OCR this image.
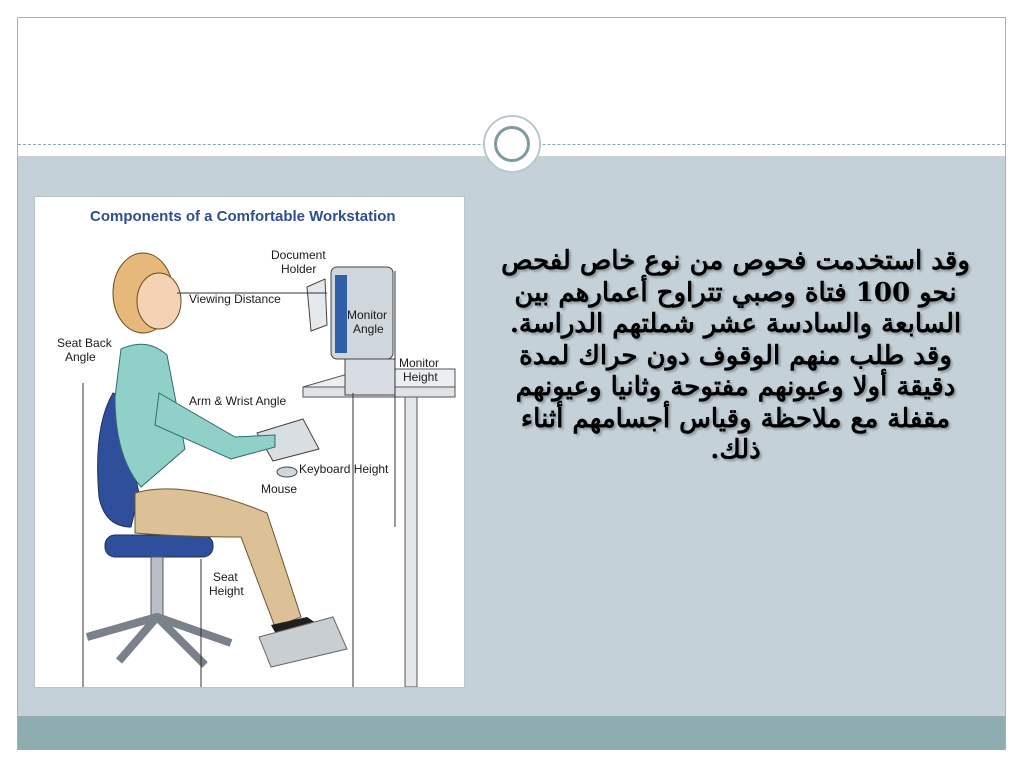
Components of a Comfortable Workstation
Document
Holder
Viewing Distance
Monitor
Angle
Seat Back
Angle	Monitor
Height
Arm & Wrist Angle
Keyboard Height
Mouse
Seat
Height
وقد استخدمت فحوص من نوع خاص لفحص نحو 100 فتاة وصبي تتراوح أعمارهم بين السابعة والسادسة عشر شملتهم الدراسة. وقد طلب منهم الوقوف دون حراك لمدة دقيقة أولا وعيونهم مفتوحة وثانيا وعيونهم مقفلة مع ملاحظة وقياس أجسامهم أثناء ذلك.
